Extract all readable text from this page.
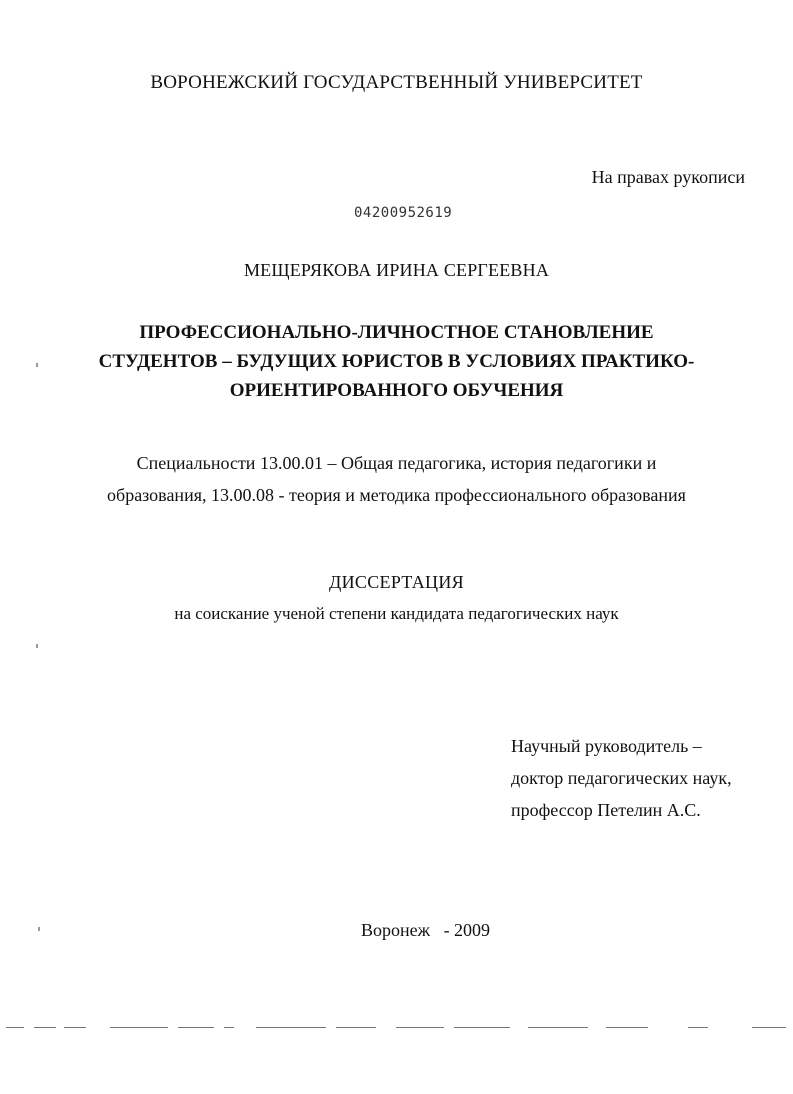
ВОРОНЕЖСКИЙ ГОСУДАРСТВЕННЫЙ УНИВЕРСИТЕТ
На правах рукописи
04200952619
МЕЩЕРЯКОВА ИРИНА СЕРГЕЕВНА
ПРОФЕССИОНАЛЬНО-ЛИЧНОСТНОЕ СТАНОВЛЕНИЕ
СТУДЕНТОВ – БУДУЩИХ ЮРИСТОВ В УСЛОВИЯХ ПРАКТИКО-
ОРИЕНТИРОВАННОГО ОБУЧЕНИЯ
Специальности 13.00.01 – Общая педагогика, история педагогики и
образования, 13.00.08 - теория и методика профессионального образования
ДИССЕРТАЦИЯ
на соискание ученой степени кандидата педагогических наук
Научный руководитель –
доктор педагогических наук,
профессор Петелин А.С.
Воронеж   - 2009
